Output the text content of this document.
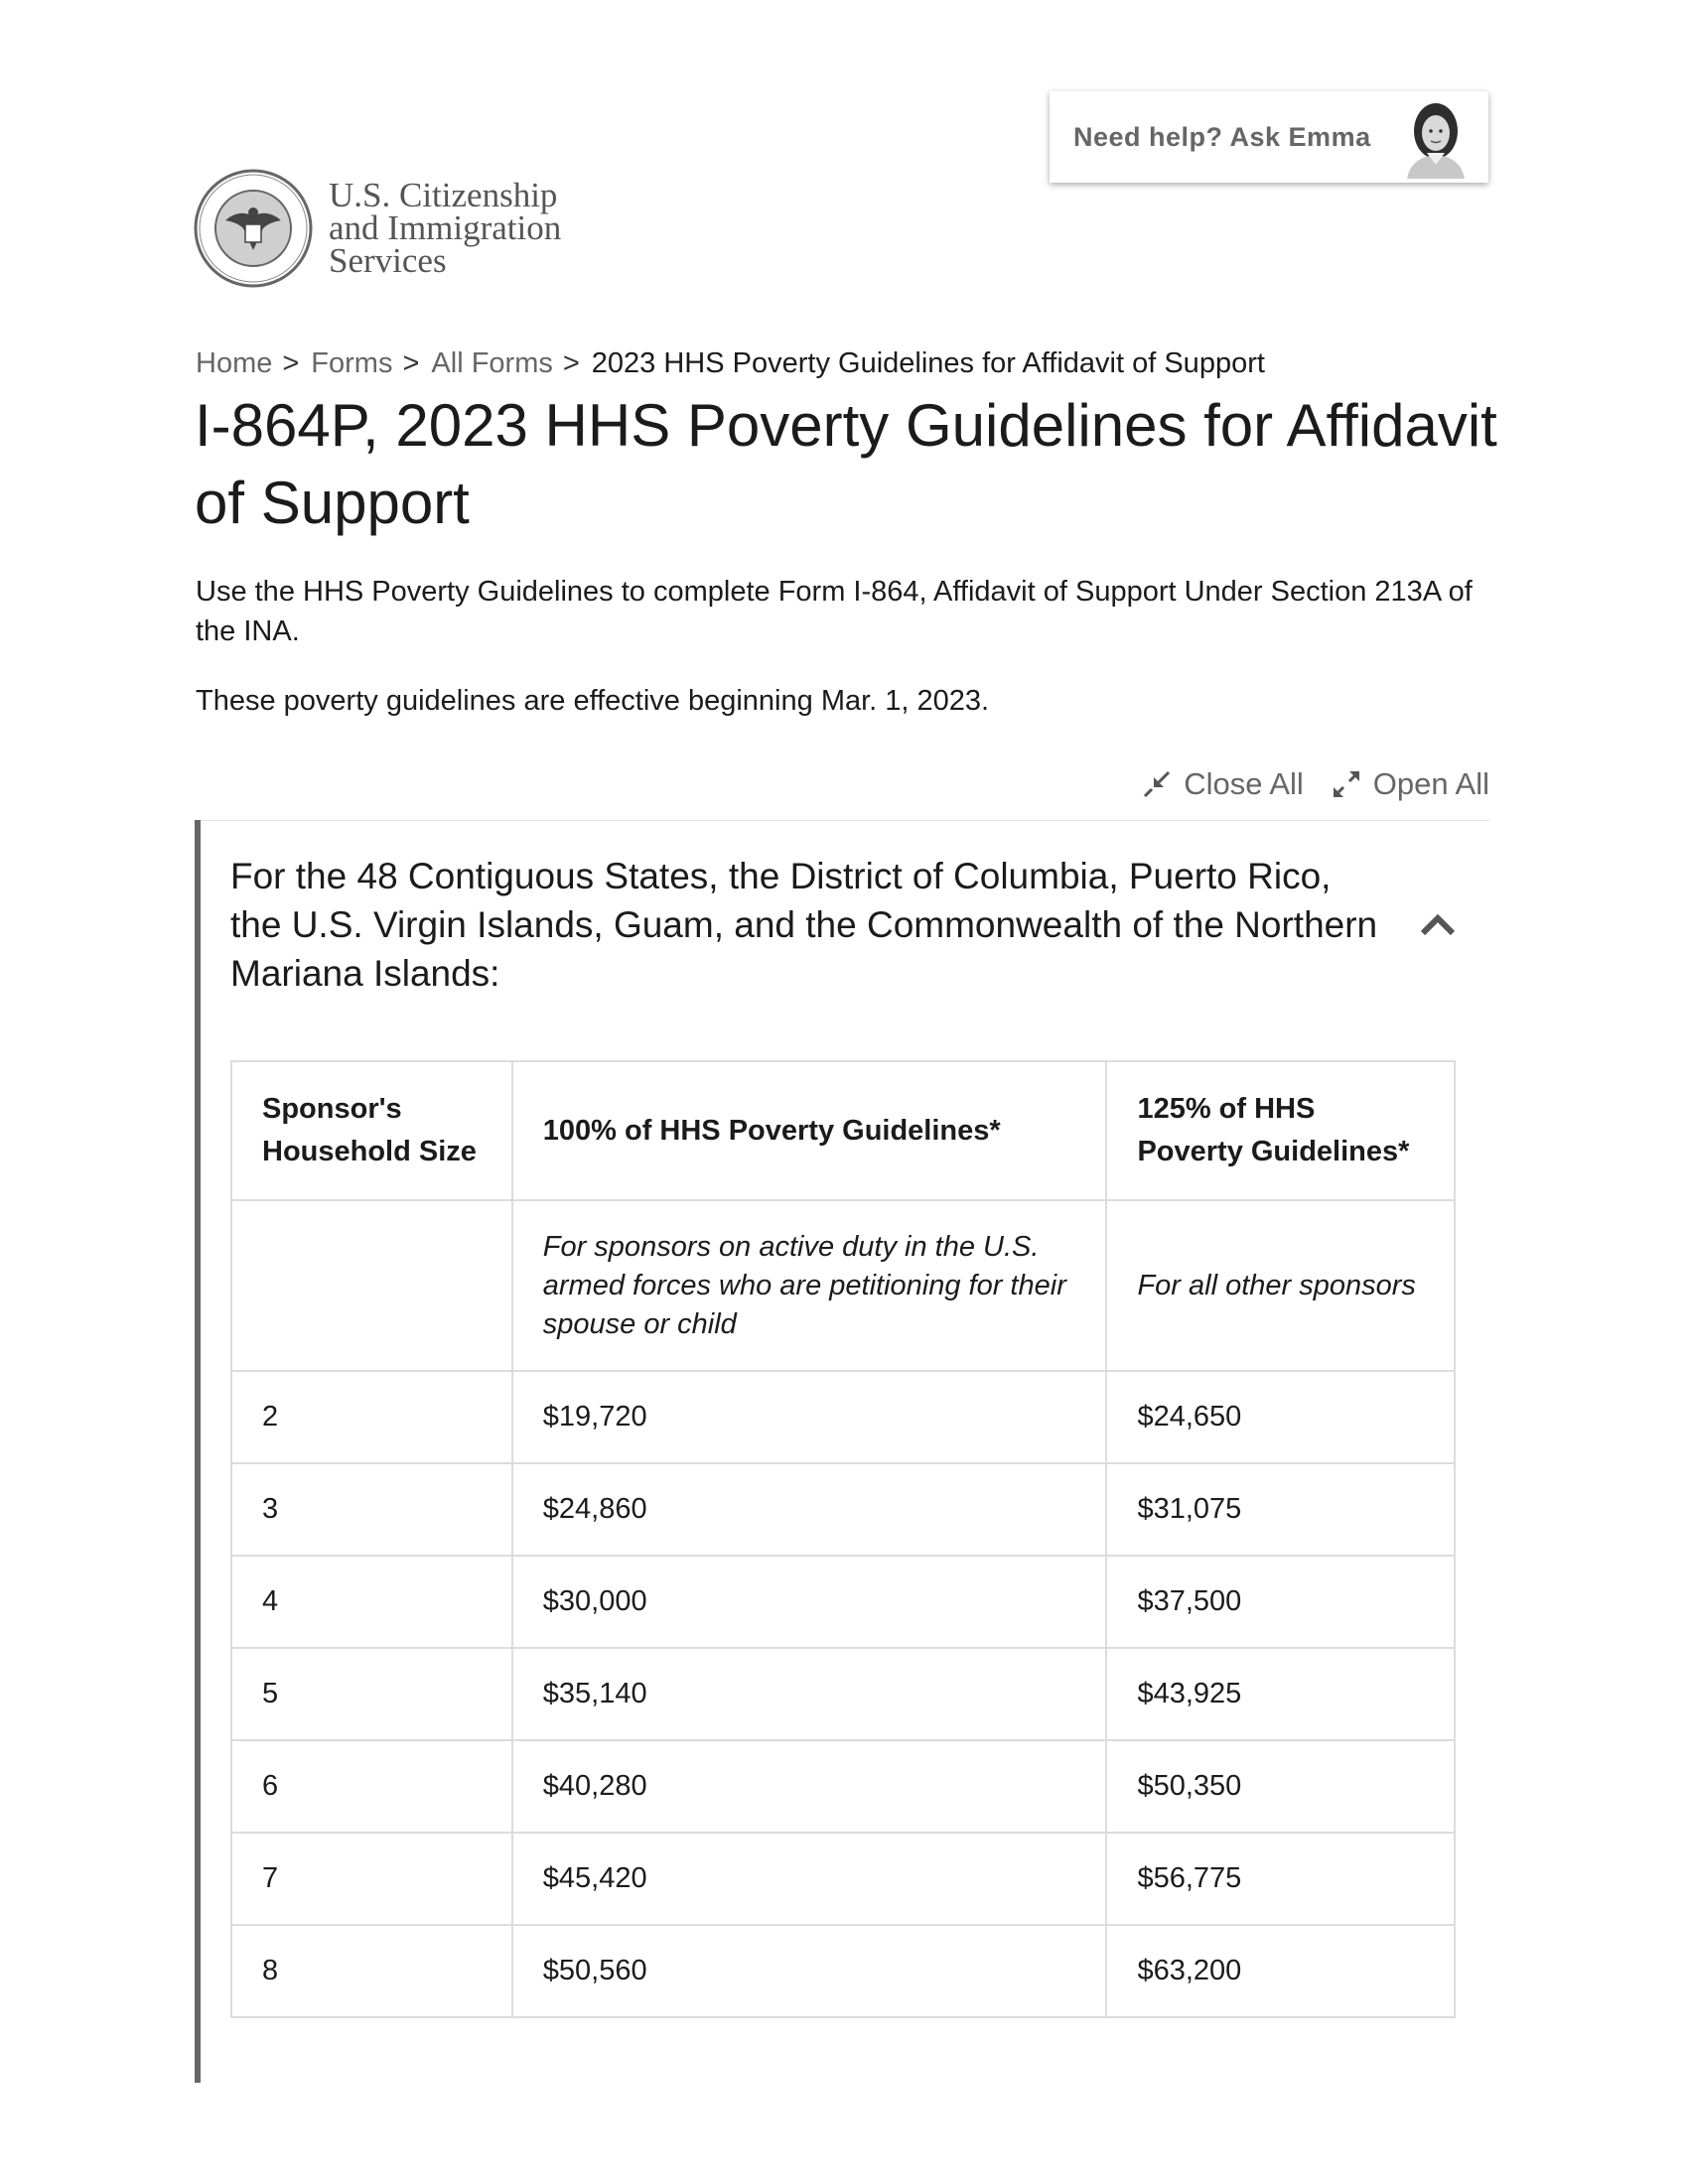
Need help? Ask Emma
U.S. Citizenship
and Immigration
Services
Home > Forms > All Forms > 2023 HHS Poverty Guidelines for Affidavit of Support
I-864P, 2023 HHS Poverty Guidelines for Affidavit of Support

Use the HHS Poverty Guidelines to complete Form I-864, Affidavit of Support Under Section 213A of the INA.

These poverty guidelines are effective beginning Mar. 1, 2023.

Close All Open All
For the 48 Contiguous States, the District of Columbia, Puerto Rico, the U.S. Virgin Islands, Guam, and the Commonwealth of the Northern Mariana Islands:
Sponsor's Household Size	100% of HHS Poverty Guidelines*	125% of HHS Poverty Guidelines*
	For sponsors on active duty in the U.S. armed forces who are petitioning for their spouse or child	For all other sponsors
2	$19,720	$24,650
3	$24,860	$31,075
4	$30,000	$37,500
5	$35,140	$43,925
6	$40,280	$50,350
7	$45,420	$56,775
8	$50,560	$63,200
